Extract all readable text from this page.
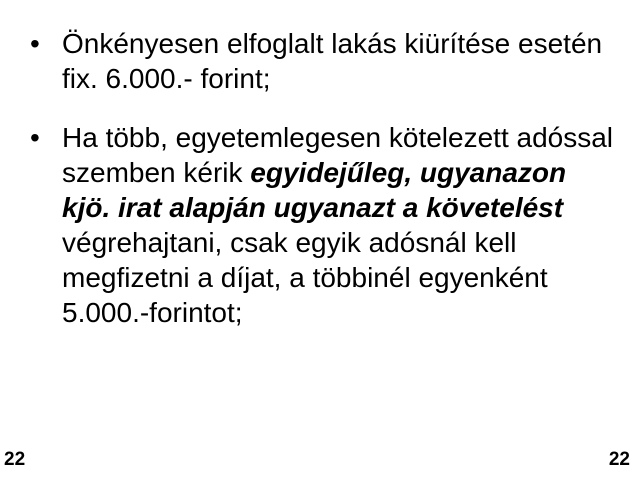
• Önkényesen elfoglalt lakás kiürítése esetén fix. 6.000.- forint;
• Ha több, egyetemlegesen kötelezett adóssal szemben kérik egyidejűleg, ugyanazon kjö. irat alapján ugyanazt a követelést végrehajtani, csak egyik adósnál kell megfizetni a díjat, a többinél egyenként 5.000.-forintot;
22	22
